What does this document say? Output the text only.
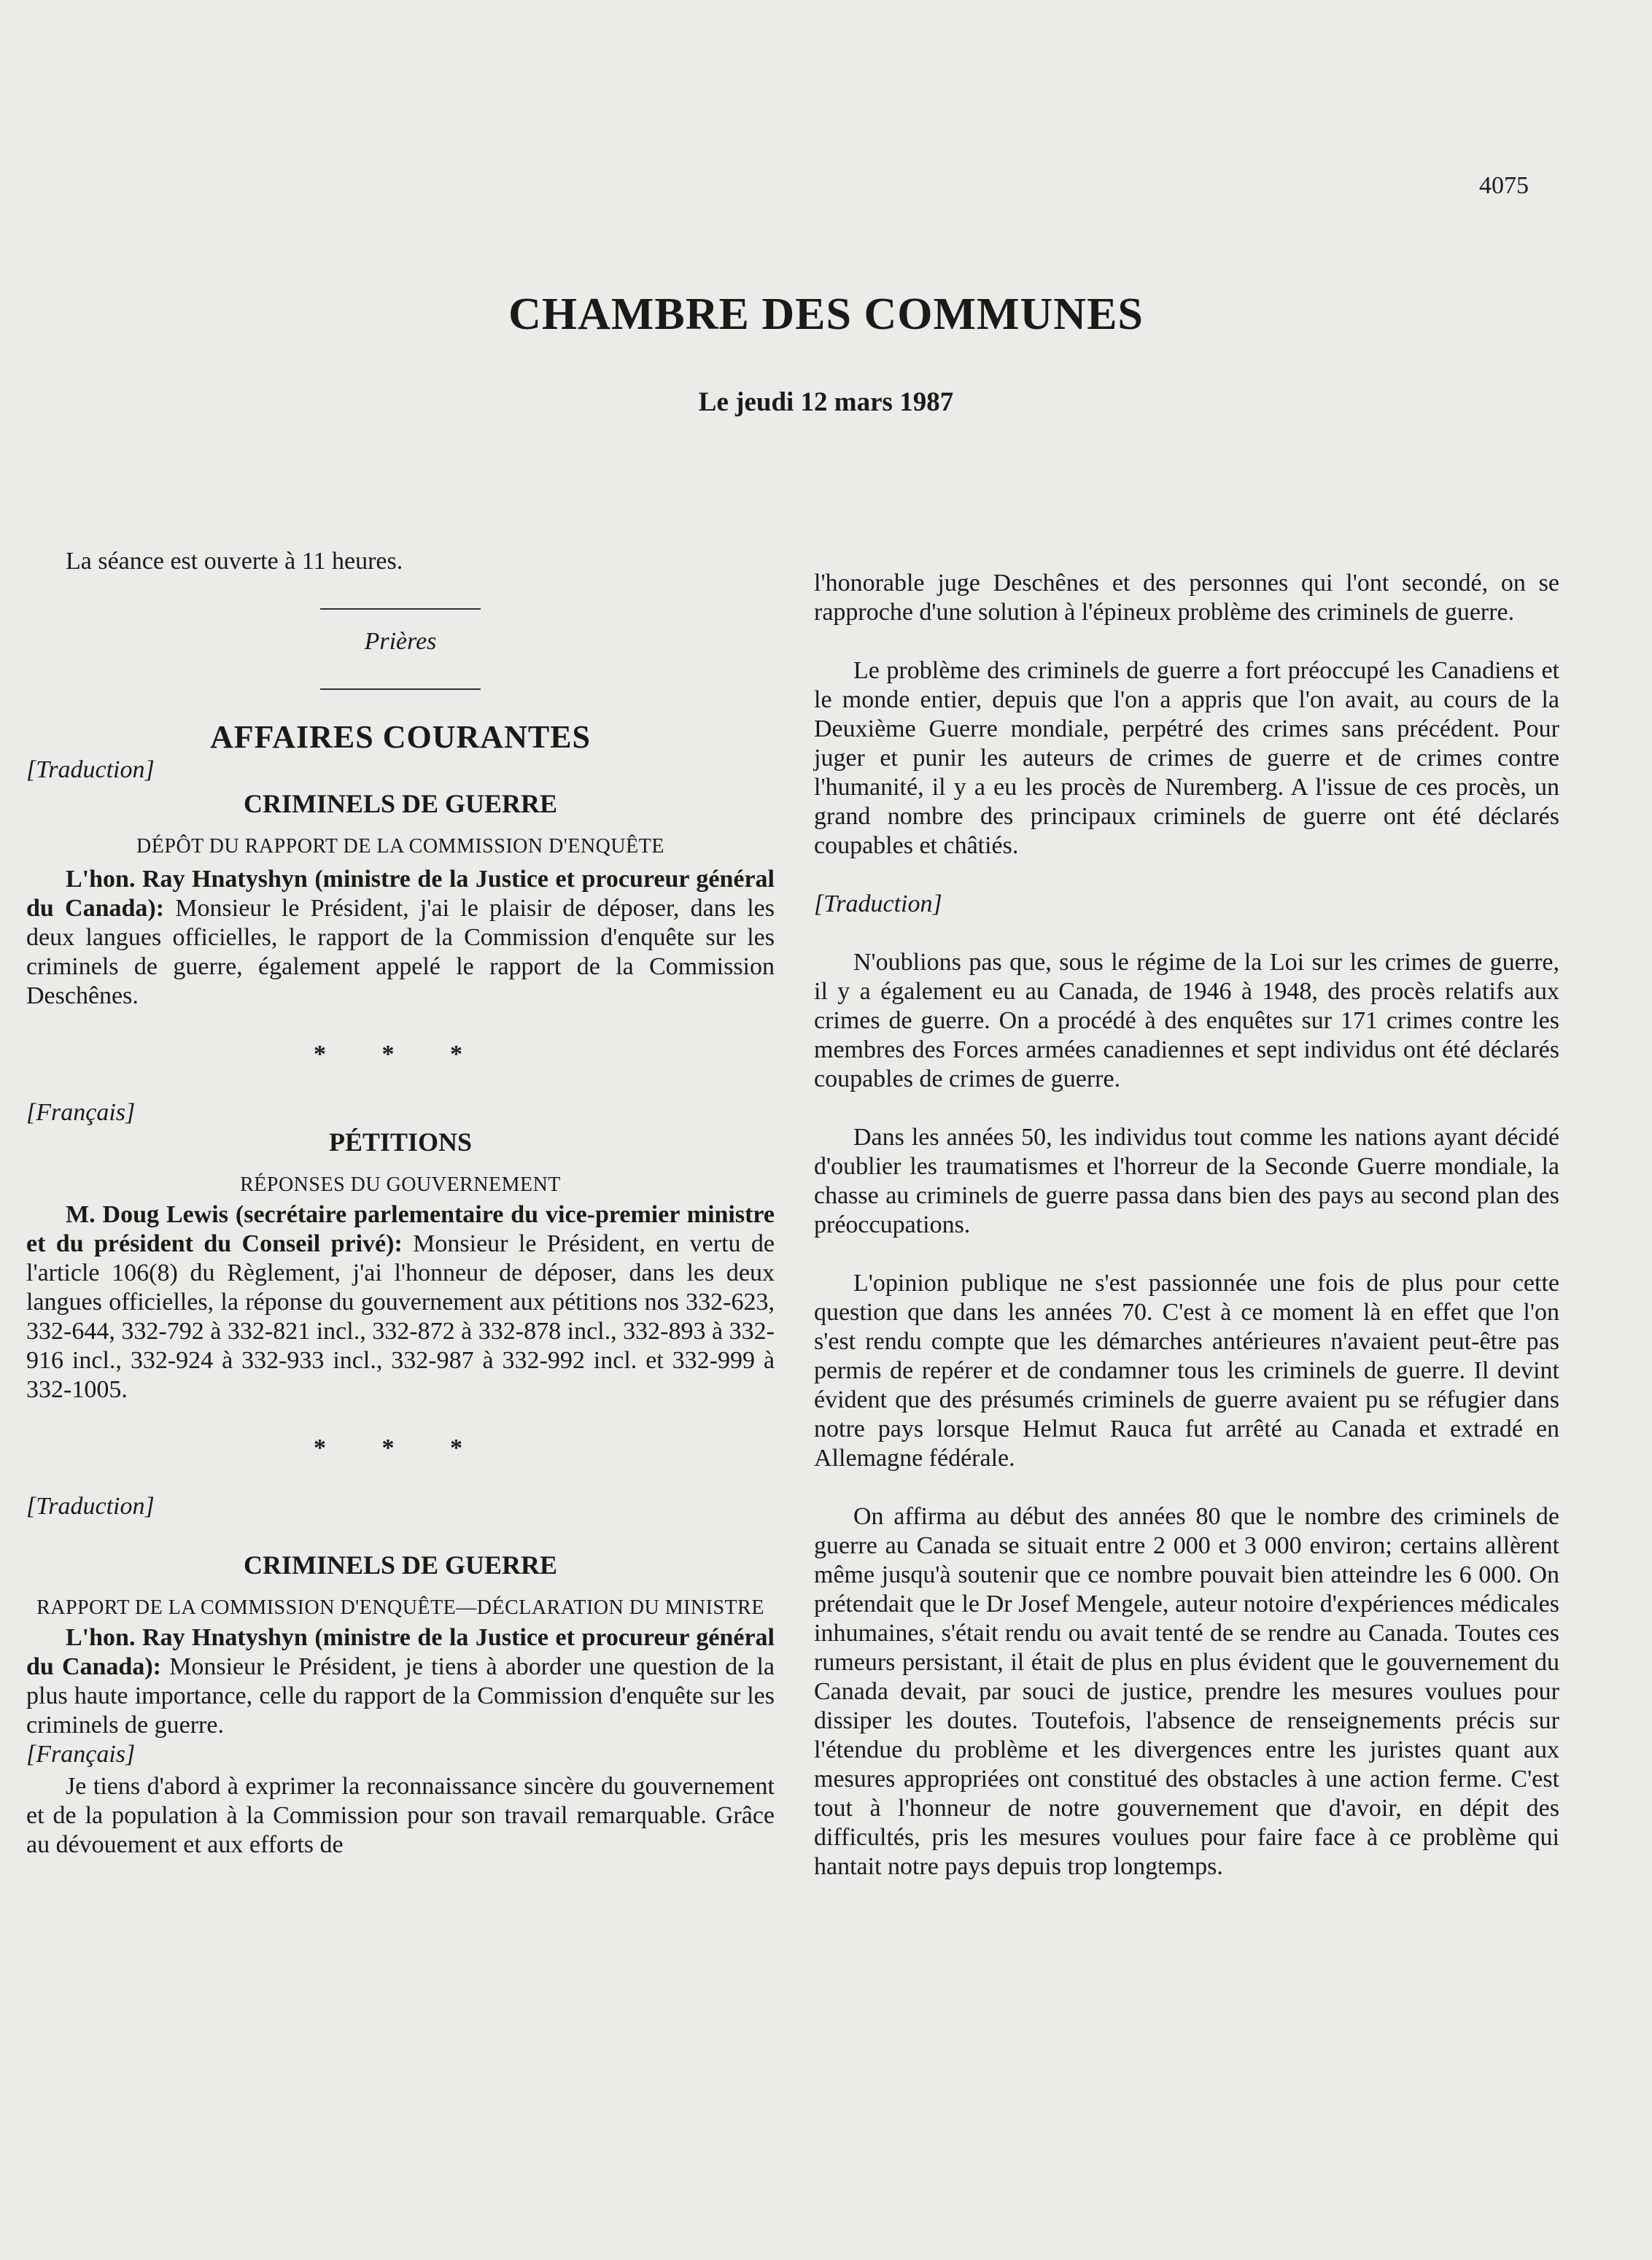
4075
CHAMBRE DES COMMUNES
Le jeudi 12 mars 1987

La séance est ouverte à 11 heures.

Prières

AFFAIRES COURANTES

[Traduction]

CRIMINELS DE GUERRE

DÉPÔT DU RAPPORT DE LA COMMISSION D'ENQUÊTE

L'hon. Ray Hnatyshyn (ministre de la Justice et procureur général du Canada): Monsieur le Président, j'ai le plaisir de déposer, dans les deux langues officielles, le rapport de la Commission d'enquête sur les criminels de guerre, également appelé le rapport de la Commission Deschênes.

* * *

[Français]

PÉTITIONS

RÉPONSES DU GOUVERNEMENT

M. Doug Lewis (secrétaire parlementaire du vice-premier ministre et du président du Conseil privé): Monsieur le Président, en vertu de l'article 106(8) du Règlement, j'ai l'honneur de déposer, dans les deux langues officielles, la réponse du gouvernement aux pétitions nos 332-623, 332-644, 332-792 à 332-821 incl., 332-872 à 332-878 incl., 332-893 à 332-916 incl., 332-924 à 332-933 incl., 332-987 à 332-992 incl. et 332-999 à 332-1005.

* * *

[Traduction]

CRIMINELS DE GUERRE

RAPPORT DE LA COMMISSION D'ENQUÊTE—DÉCLARATION DU MINISTRE

L'hon. Ray Hnatyshyn (ministre de la Justice et procureur général du Canada): Monsieur le Président, je tiens à aborder une question de la plus haute importance, celle du rapport de la Commission d'enquête sur les criminels de guerre.

[Français]

Je tiens d'abord à exprimer la reconnaissance sincère du gouvernement et de la population à la Commission pour son travail remarquable. Grâce au dévouement et aux efforts de

l'honorable juge Deschênes et des personnes qui l'ont secondé, on se rapproche d'une solution à l'épineux problème des criminels de guerre.

Le problème des criminels de guerre a fort préoccupé les Canadiens et le monde entier, depuis que l'on a appris que l'on avait, au cours de la Deuxième Guerre mondiale, perpétré des crimes sans précédent. Pour juger et punir les auteurs de crimes de guerre et de crimes contre l'humanité, il y a eu les procès de Nuremberg. A l'issue de ces procès, un grand nombre des principaux criminels de guerre ont été déclarés coupables et châtiés.

[Traduction]

N'oublions pas que, sous le régime de la Loi sur les crimes de guerre, il y a également eu au Canada, de 1946 à 1948, des procès relatifs aux crimes de guerre. On a procédé à des enquêtes sur 171 crimes contre les membres des Forces armées canadiennes et sept individus ont été déclarés coupables de crimes de guerre.

Dans les années 50, les individus tout comme les nations ayant décidé d'oublier les traumatismes et l'horreur de la Seconde Guerre mondiale, la chasse au criminels de guerre passa dans bien des pays au second plan des préoccupations.

L'opinion publique ne s'est passionnée une fois de plus pour cette question que dans les années 70. C'est à ce moment là en effet que l'on s'est rendu compte que les démarches antérieures n'avaient peut-être pas permis de repérer et de condamner tous les criminels de guerre. Il devint évident que des présumés criminels de guerre avaient pu se réfugier dans notre pays lorsque Helmut Rauca fut arrêté au Canada et extradé en Allemagne fédérale.

On affirma au début des années 80 que le nombre des criminels de guerre au Canada se situait entre 2 000 et 3 000 environ; certains allèrent même jusqu'à soutenir que ce nombre pouvait bien atteindre les 6 000. On prétendait que le Dr Josef Mengele, auteur notoire d'expériences médicales inhumaines, s'était rendu ou avait tenté de se rendre au Canada. Toutes ces rumeurs persistant, il était de plus en plus évident que le gouvernement du Canada devait, par souci de justice, prendre les mesures voulues pour dissiper les doutes. Toutefois, l'absence de renseignements précis sur l'étendue du problème et les divergences entre les juristes quant aux mesures appropriées ont constitué des obstacles à une action ferme. C'est tout à l'honneur de notre gouvernement que d'avoir, en dépit des difficultés, pris les mesures voulues pour faire face à ce problème qui hantait notre pays depuis trop longtemps.
